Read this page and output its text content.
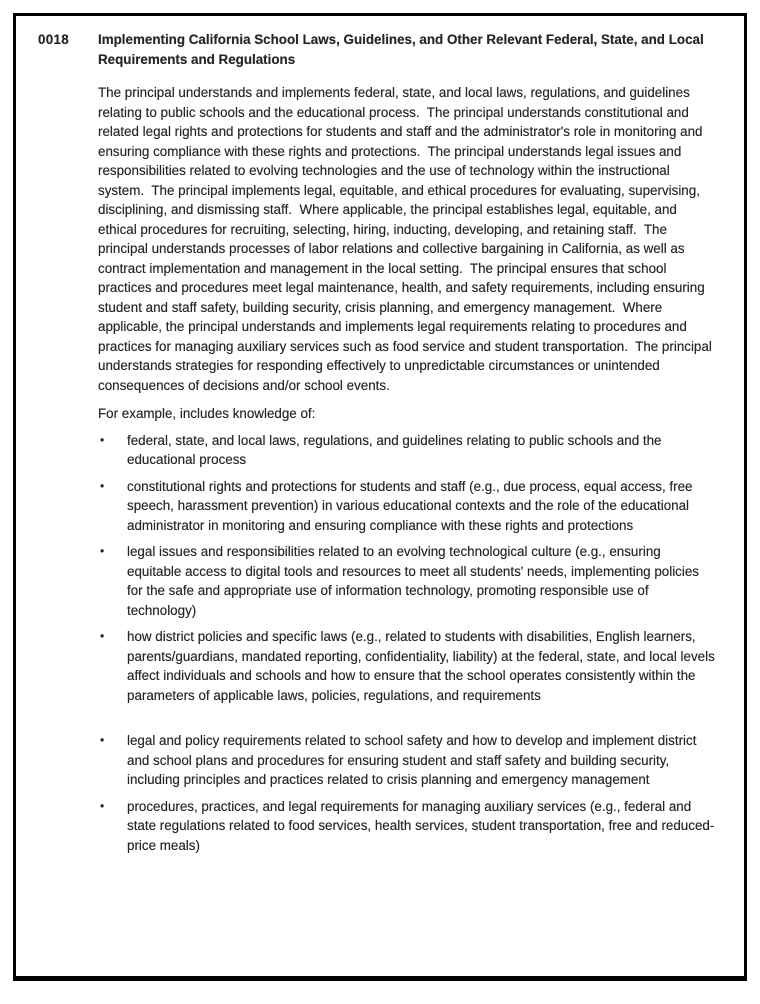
0018	Implementing California School Laws, Guidelines, and Other Relevant Federal, State, and Local Requirements and Regulations

The principal understands and implements federal, state, and local laws, regulations, and guidelines relating to public schools and the educational process.  The principal understands constitutional and related legal rights and protections for students and staff and the administrator's role in monitoring and ensuring compliance with these rights and protections.  The principal understands legal issues and responsibilities related to evolving technologies and the use of technology within the instructional system.  The principal implements legal, equitable, and ethical procedures for evaluating, supervising, disciplining, and dismissing staff.  Where applicable, the principal establishes legal, equitable, and ethical procedures for recruiting, selecting, hiring, inducting, developing, and retaining staff.  The principal understands processes of labor relations and collective bargaining in California, as well as contract implementation and management in the local setting.  The principal ensures that school practices and procedures meet legal maintenance, health, and safety requirements, including ensuring student and staff safety, building security, crisis planning, and emergency management.  Where applicable, the principal understands and implements legal requirements relating to procedures and practices for managing auxiliary services such as food service and student transportation.  The principal understands strategies for responding effectively to unpredictable circumstances or unintended consequences of decisions and/or school events.

For example, includes knowledge of:

•	federal, state, and local laws, regulations, and guidelines relating to public schools and the educational process
•	constitutional rights and protections for students and staff (e.g., due process, equal access, free speech, harassment prevention) in various educational contexts and the role of the educational administrator in monitoring and ensuring compliance with these rights and protections
•	legal issues and responsibilities related to an evolving technological culture (e.g., ensuring equitable access to digital tools and resources to meet all students' needs, implementing policies for the safe and appropriate use of information technology, promoting responsible use of technology)
•	how district policies and specific laws (e.g., related to students with disabilities, English learners, parents/guardians, mandated reporting, confidentiality, liability) at the federal, state, and local levels affect individuals and schools and how to ensure that the school operates consistently within the parameters of applicable laws, policies, regulations, and requirements
•	legal and policy requirements related to school safety and how to develop and implement district and school plans and procedures for ensuring student and staff safety and building security, including principles and practices related to crisis planning and emergency management
•	procedures, practices, and legal requirements for managing auxiliary services (e.g., federal and state regulations related to food services, health services, student transportation, free and reduced-price meals)
